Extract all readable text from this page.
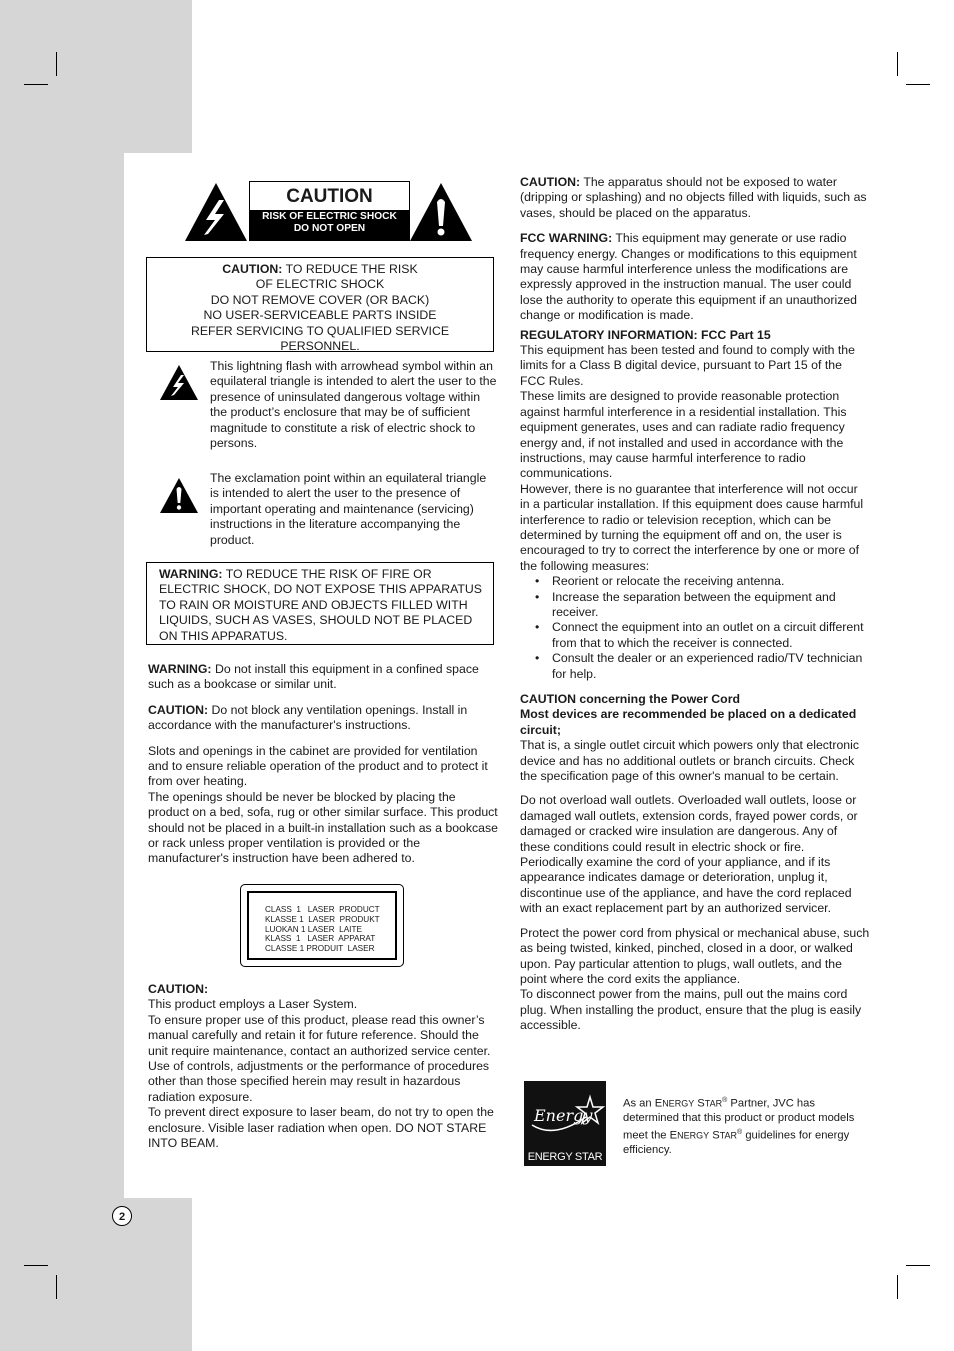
2
CAUTION
RISK OF ELECTRIC SHOCK
DO NOT OPEN
CAUTION: TO REDUCE THE RISK
OF ELECTRIC SHOCK
DO NOT REMOVE COVER (OR BACK)
NO USER-SERVICEABLE PARTS INSIDE
REFER SERVICING TO QUALIFIED SERVICE
PERSONNEL.

This lightning flash with arrowhead symbol within an equilateral triangle is intended to alert the user to the presence of uninsulated dangerous voltage within the product’s enclosure that may be of sufficient magnitude to constitute a risk of electric shock to persons.

The exclamation point within an equilateral triangle is intended to alert the user to the presence of important operating and maintenance (servicing) instructions in the literature accompanying the product.

WARNING: TO REDUCE THE RISK OF FIRE OR ELECTRIC SHOCK, DO NOT EXPOSE THIS APPARATUS TO RAIN OR MOISTURE AND OBJECTS FILLED WITH LIQUIDS, SUCH AS VASES, SHOULD NOT BE PLACED ON THIS APPARATUS.

WARNING: Do not install this equipment in a confined space such as a bookcase or similar unit.

CAUTION: Do not block any ventilation openings. Install in accordance with the manufacturer's instructions.

Slots and openings in the cabinet are provided for ventilation and to ensure reliable operation of the product and to protect it from over heating.

The openings should be never be blocked by placing the product on a bed, sofa, rug or other similar surface. This product should not be placed in a built-in installation such as a bookcase or rack unless proper ventilation is provided or the manufacturer's instruction have been adhered to.

CLASS  1   LASER  PRODUCT
KLASSE 1  LASER  PRODUKT
LUOKAN 1 LASER  LAITE
KLASS  1   LASER  APPARAT
CLASSE 1 PRODUIT  LASER

CAUTION:

This product employs a Laser System.

To ensure proper use of this product, please read this owner’s manual carefully and retain it for future reference. Should the unit require maintenance, contact an authorized service center.

Use of controls, adjustments or the performance of procedures other than those specified herein may result in hazardous radiation exposure.

To prevent direct exposure to laser beam, do not try to open the enclosure. Visible laser radiation when open. DO NOT STARE INTO BEAM.

CAUTION: The apparatus should not be exposed to water (dripping or splashing) and no objects filled with liquids, such as vases, should be placed on the apparatus.

FCC WARNING: This equipment may generate or use radio frequency energy. Changes or modifications to this equipment may cause harmful interference unless the modifications are expressly approved in the instruction manual. The user could lose the authority to operate this equipment if an unauthorized change or modification is made.

REGULATORY INFORMATION: FCC Part 15

This equipment has been tested and found to comply with the limits for a Class B digital device, pursuant to Part 15 of the FCC Rules.

These limits are designed to provide reasonable protection against harmful interference in a residential installation. This equipment generates, uses and can radiate radio frequency energy and, if not installed and used in accordance with the instructions, may cause harmful interference to radio communications.

However, there is no guarantee that interference will not occur in a particular installation. If this equipment does cause harmful interference to radio or television reception, which can be determined by turning the equipment off and on, the user is encouraged to try to correct the interference by one or more of the following measures:

• Reorient or relocate the receiving antenna.
• Increase the separation between the equipment and receiver.
• Connect the equipment into an outlet on a circuit different from that to which the receiver is connected.
• Consult the dealer or an experienced radio/TV technician for help.

CAUTION concerning the Power Cord

Most devices are recommended be placed on a dedicated circuit;

That is, a single outlet circuit which powers only that electronic device and has no additional outlets or branch circuits. Check the specification page of this owner's manual to be certain.

Do not overload wall outlets. Overloaded wall outlets, loose or damaged wall outlets, extension cords, frayed power cords, or damaged or cracked wire insulation are dangerous. Any of these conditions could result in electric shock or fire. Periodically examine the cord of your appliance, and if its appearance indicates damage or deterioration, unplug it, discontinue use of the appliance, and have the cord replaced with an exact replacement part by an authorized servicer.

Protect the power cord from physical or mechanical abuse, such as being twisted, kinked, pinched, closed in a door, or walked upon. Pay particular attention to plugs, wall outlets, and the point where the cord exits the appliance.

To disconnect power from the mains, pull out the mains cord plug. When installing the product, ensure that the plug is easily accessible.

Energy
ENERGY STAR

As an ENERGY STAR® Partner, JVC has determined that this product or product models meet the ENERGY STAR® guidelines for energy efficiency.
